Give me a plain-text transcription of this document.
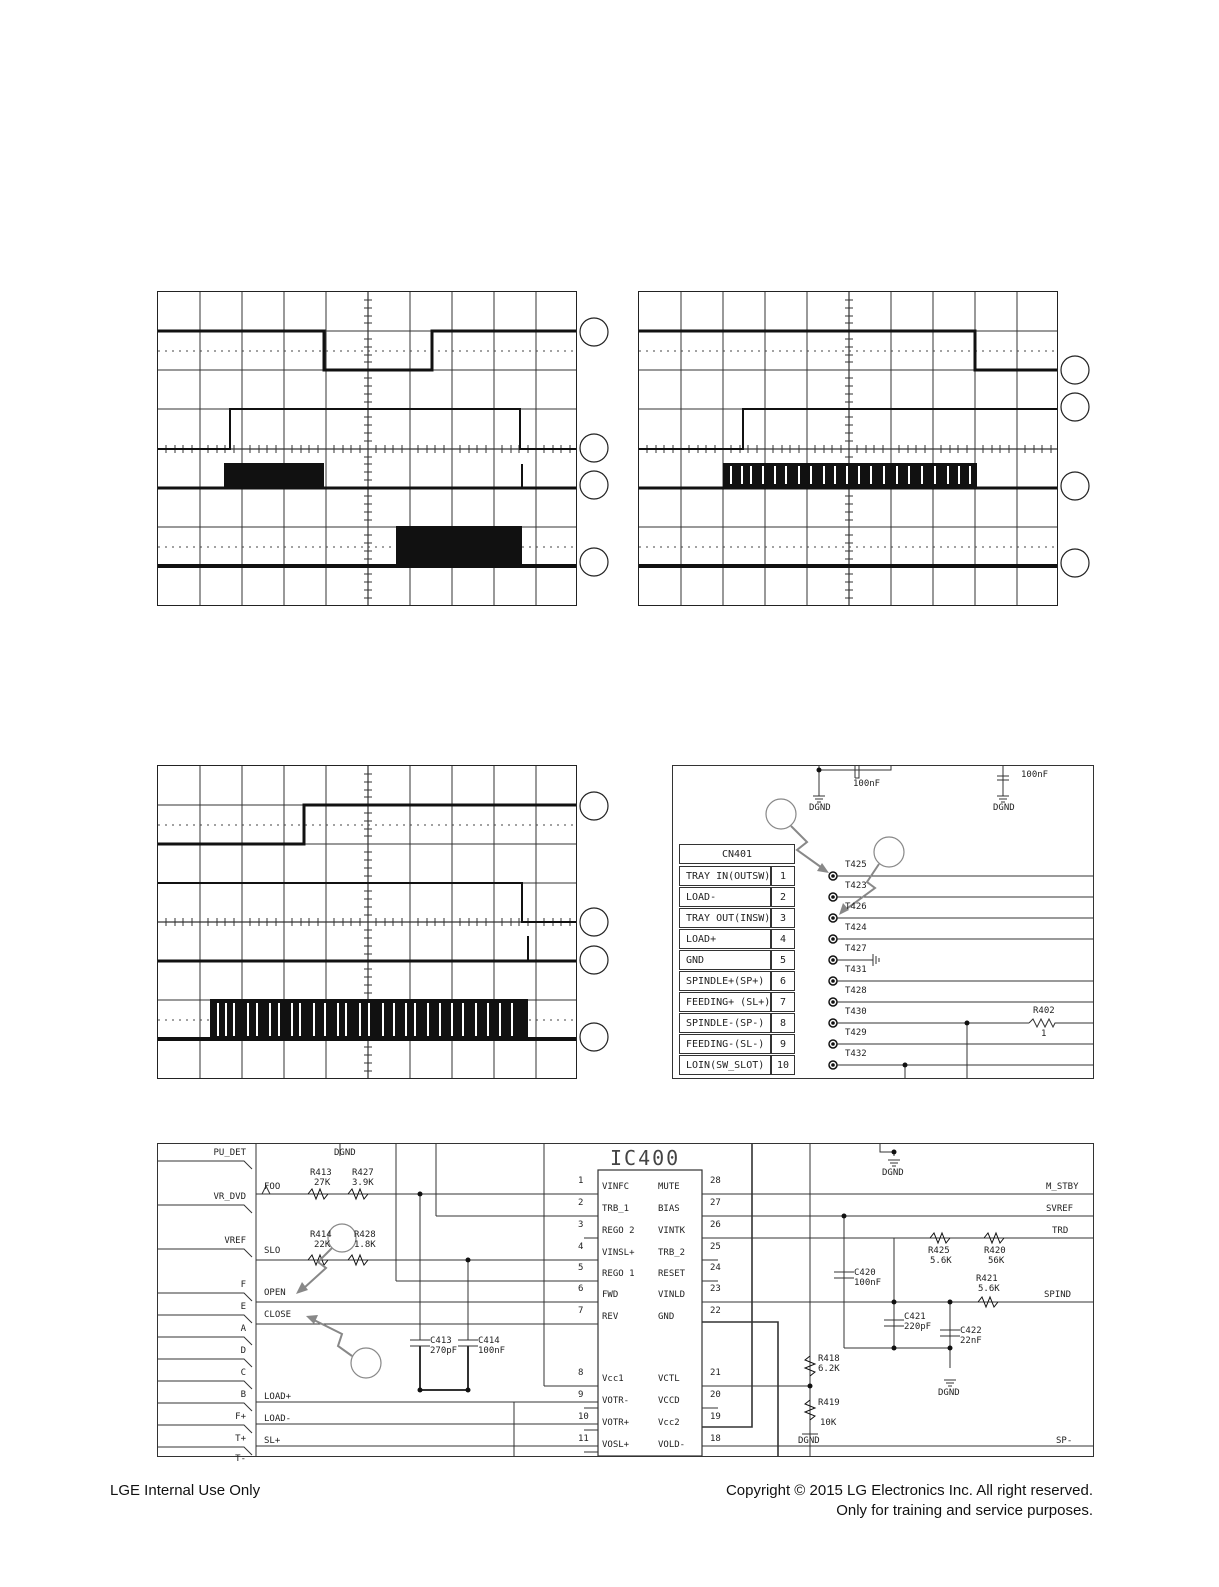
100nF
100nF
DGND	DGND
R402
1
CN401
TRAY IN(OUTSW) 1
T425
LOAD-	2
T423
TRAY OUT(INSW) 3
T426
LOAD+	4
T424
GND	5
T427
SPINDLE+(SP+)	6
T431
FEEDING+ (SL+) 7
T428
SPINDLE-(SP-)	8
T430
FEEDING-(SL-)	9
T429
LOIN(SW_SLOT)	10
T432
IC400
1
VINFC
2
TRB_1
3
REGO 2
4
VINSL+
5
REGO 1
6
FWD
7
REV
8
Vcc1
9
VOTR-
10
VOTR+
11
VOSL+
28
MUTE
27
BIAS
26
VINTK
25
TRB_2
24
RESET
23
VINLD
22
GND
21
VCTL
20
VCCD
19
Vcc2
18
VOLD-
PU_DET
VR_DVD
VREF
F
E
A
D
C
B
F+
T+
T-
FOO
SLO
OPEN
CLOSE
LOAD+
LOAD-
SL+
DGND
M_STBY
SVREF
TRD
SPIND
SP-
DGND
DGND
DGND
R413
27K
R427
3.9K
R414
22K
R428
1.8K
C413
270pF
C414
100nF
C420
100nF
R425
5.6K
R420
56K
R421
5.6K
C421
220pF	C422
22nF
R418
6.2K
R419
10K
LGE Internal Use Only	Copyright © 2015 LG Electronics Inc. All right reserved.
Only for training and service purposes.
